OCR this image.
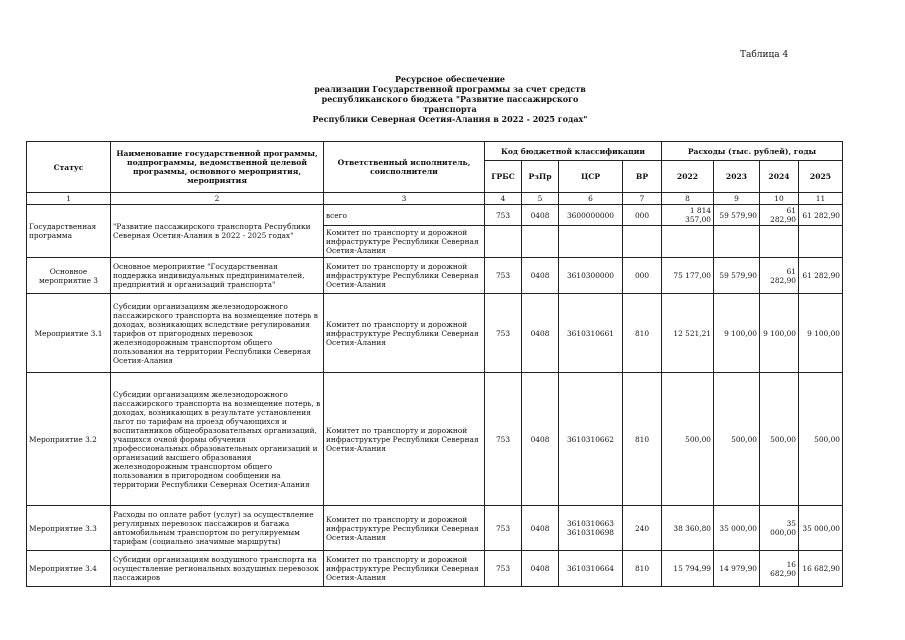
Таблица 4
Ресурсное обеспечение
реализации Государственной программы за счет средств
республиканского бюджета "Развитие пассажирского транспорта
Республики Северная Осетия-Алания в 2022 - 2025 годах"
Статус	Наименование государственной программы, подпрограммы, ведомственной целевой программы, основного мероприятия, мероприятия	Ответственный исполнитель, соисполнители	Код бюджетной классификации				Расходы (тыс. рублей), годы			
			ГРБС	РзПр	ЦСР	ВР	2022	2023	2024	2025
1	2	3	4	5	6	7	8	9	10	11
Государственная программа	"Развитие пассажирского транспорта Республики Северная Осетия-Алания в 2022 - 2025 годах"	всего	753	0408	3600000000	000	1 814 357,00	59 579,90	61 282,90	61 282,90
		Комитет по транспорту и дорожной инфраструктуре Республики Северная Осетия-Алания								
Основное мероприятие 3	Основное мероприятие "Государственная поддержка индивидуальных предпринимателей, предприятий и организаций транспорта"	Комитет по транспорту и дорожной инфраструктуре Республики Северная Осетия-Алания	753	0408	3610300000	000	75 177,00	59 579,90	61 282,90	61 282,90
Мероприятие 3.1	Субсидии организациям железнодорожного пассажирского транспорта на возмещение потерь в доходах, возникающих вследствие регулирования тарифов от пригородных перевозок железнодорожным транспортом общего пользования на территории Республики Северная Осетия-Алания	Комитет по транспорту и дорожной инфраструктуре Республики Северная Осетия-Алания	753	0408	3610310661	810	12 521,21	9 100,00	9 100,00	9 100,00
Мероприятие 3.2	Субсидии организациям железнодорожного пассажирского транспорта на возмещение потерь, в доходах, возникающих в результате установления льгот по тарифам на проезд обучающихся и воспитанников общеобразовательных организаций, учащихся очной формы обучения профессиональных образовательных организаций и организаций высшего образования железнодорожным транспортом общего пользования в пригородном сообщении на территории Республики Северная Осетия-Алания	Комитет по транспорту и дорожной инфраструктуре Республики Северная Осетия-Алания	753	0408	3610310662	810	500,00	500,00	500,00	500,00
Мероприятие 3.3	Расходы по оплате работ (услуг) за осуществление регулярных перевозок пассажиров и багажа автомобильным транспортом по регулируемым тарифам (социально значимые маршруты)	Комитет по транспорту и дорожной инфраструктуре Республики Северная Осетия-Алания	753	0408	3610310663 3610310698	240	38 360,80	35 000,00	35 000,00	35 000,00
Мероприятие 3.4	Субсидии организациям воздушного транспорта на осуществление региональных воздушных перевозок пассажиров	Комитет по транспорту и дорожной инфраструктуре Республики Северная Осетия-Алания	753	0408	3610310664	810	15 794,99	14 979,90	16 682,90	16 682,90
